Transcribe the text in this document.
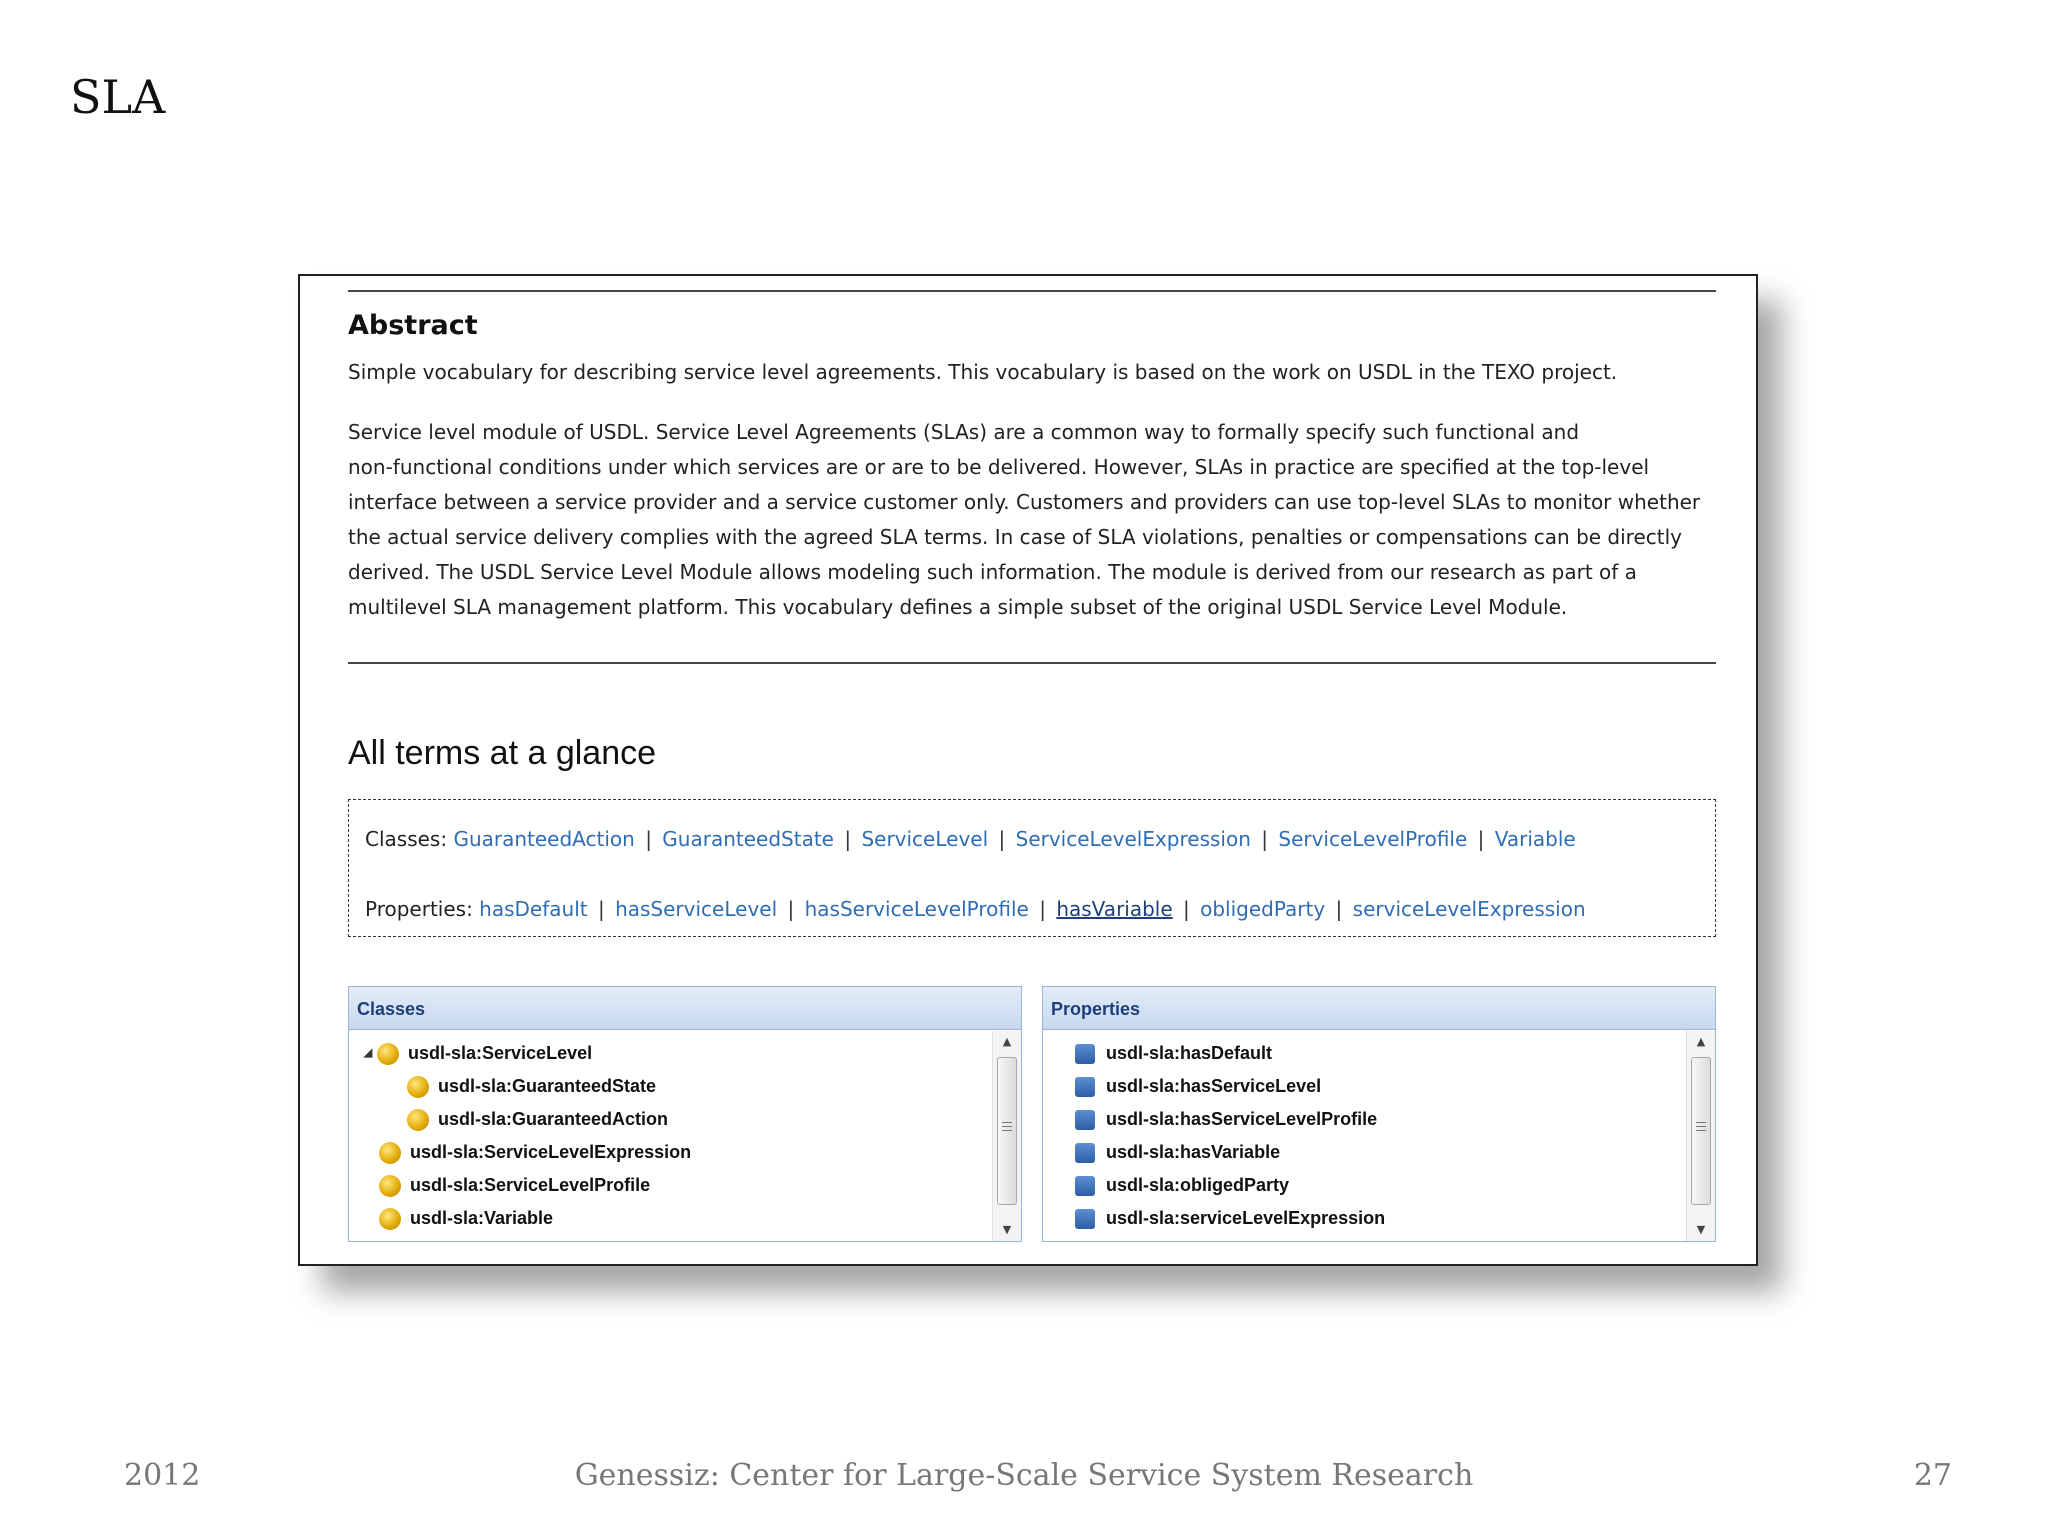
SLA
Abstract
Simple vocabulary for describing service level agreements. This vocabulary is based on the work on USDL in the TEXO project.
Service level module of USDL. Service Level Agreements (SLAs) are a common way to formally specify such functional and
non-functional conditions under which services are or are to be delivered. However, SLAs in practice are specified at the top-level
interface between a service provider and a service customer only. Customers and providers can use top-level SLAs to monitor whether
the actual service delivery complies with the agreed SLA terms. In case of SLA violations, penalties or compensations can be directly
derived. The USDL Service Level Module allows modeling such information. The module is derived from our research as part of a
multilevel SLA management platform. This vocabulary defines a simple subset of the original USDL Service Level Module.
All terms at a glance
Classes: GuaranteedAction | GuaranteedState | ServiceLevel | ServiceLevelExpression | ServiceLevelProfile | Variable
Properties: hasDefault | hasServiceLevel | hasServiceLevelProfile | hasVariable | obligedParty | serviceLevelExpression
Classes
◢ usdl-sla:ServiceLevel
usdl-sla:GuaranteedState
usdl-sla:GuaranteedAction
usdl-sla:ServiceLevelExpression
usdl-sla:ServiceLevelProfile
usdl-sla:Variable
▲
▼
Properties
usdl-sla:hasDefault
usdl-sla:hasServiceLevel
usdl-sla:hasServiceLevelProfile
usdl-sla:hasVariable
usdl-sla:obligedParty
usdl-sla:serviceLevelExpression
▲
▼
2012	Genessiz: Center for Large-Scale Service System Research	27
